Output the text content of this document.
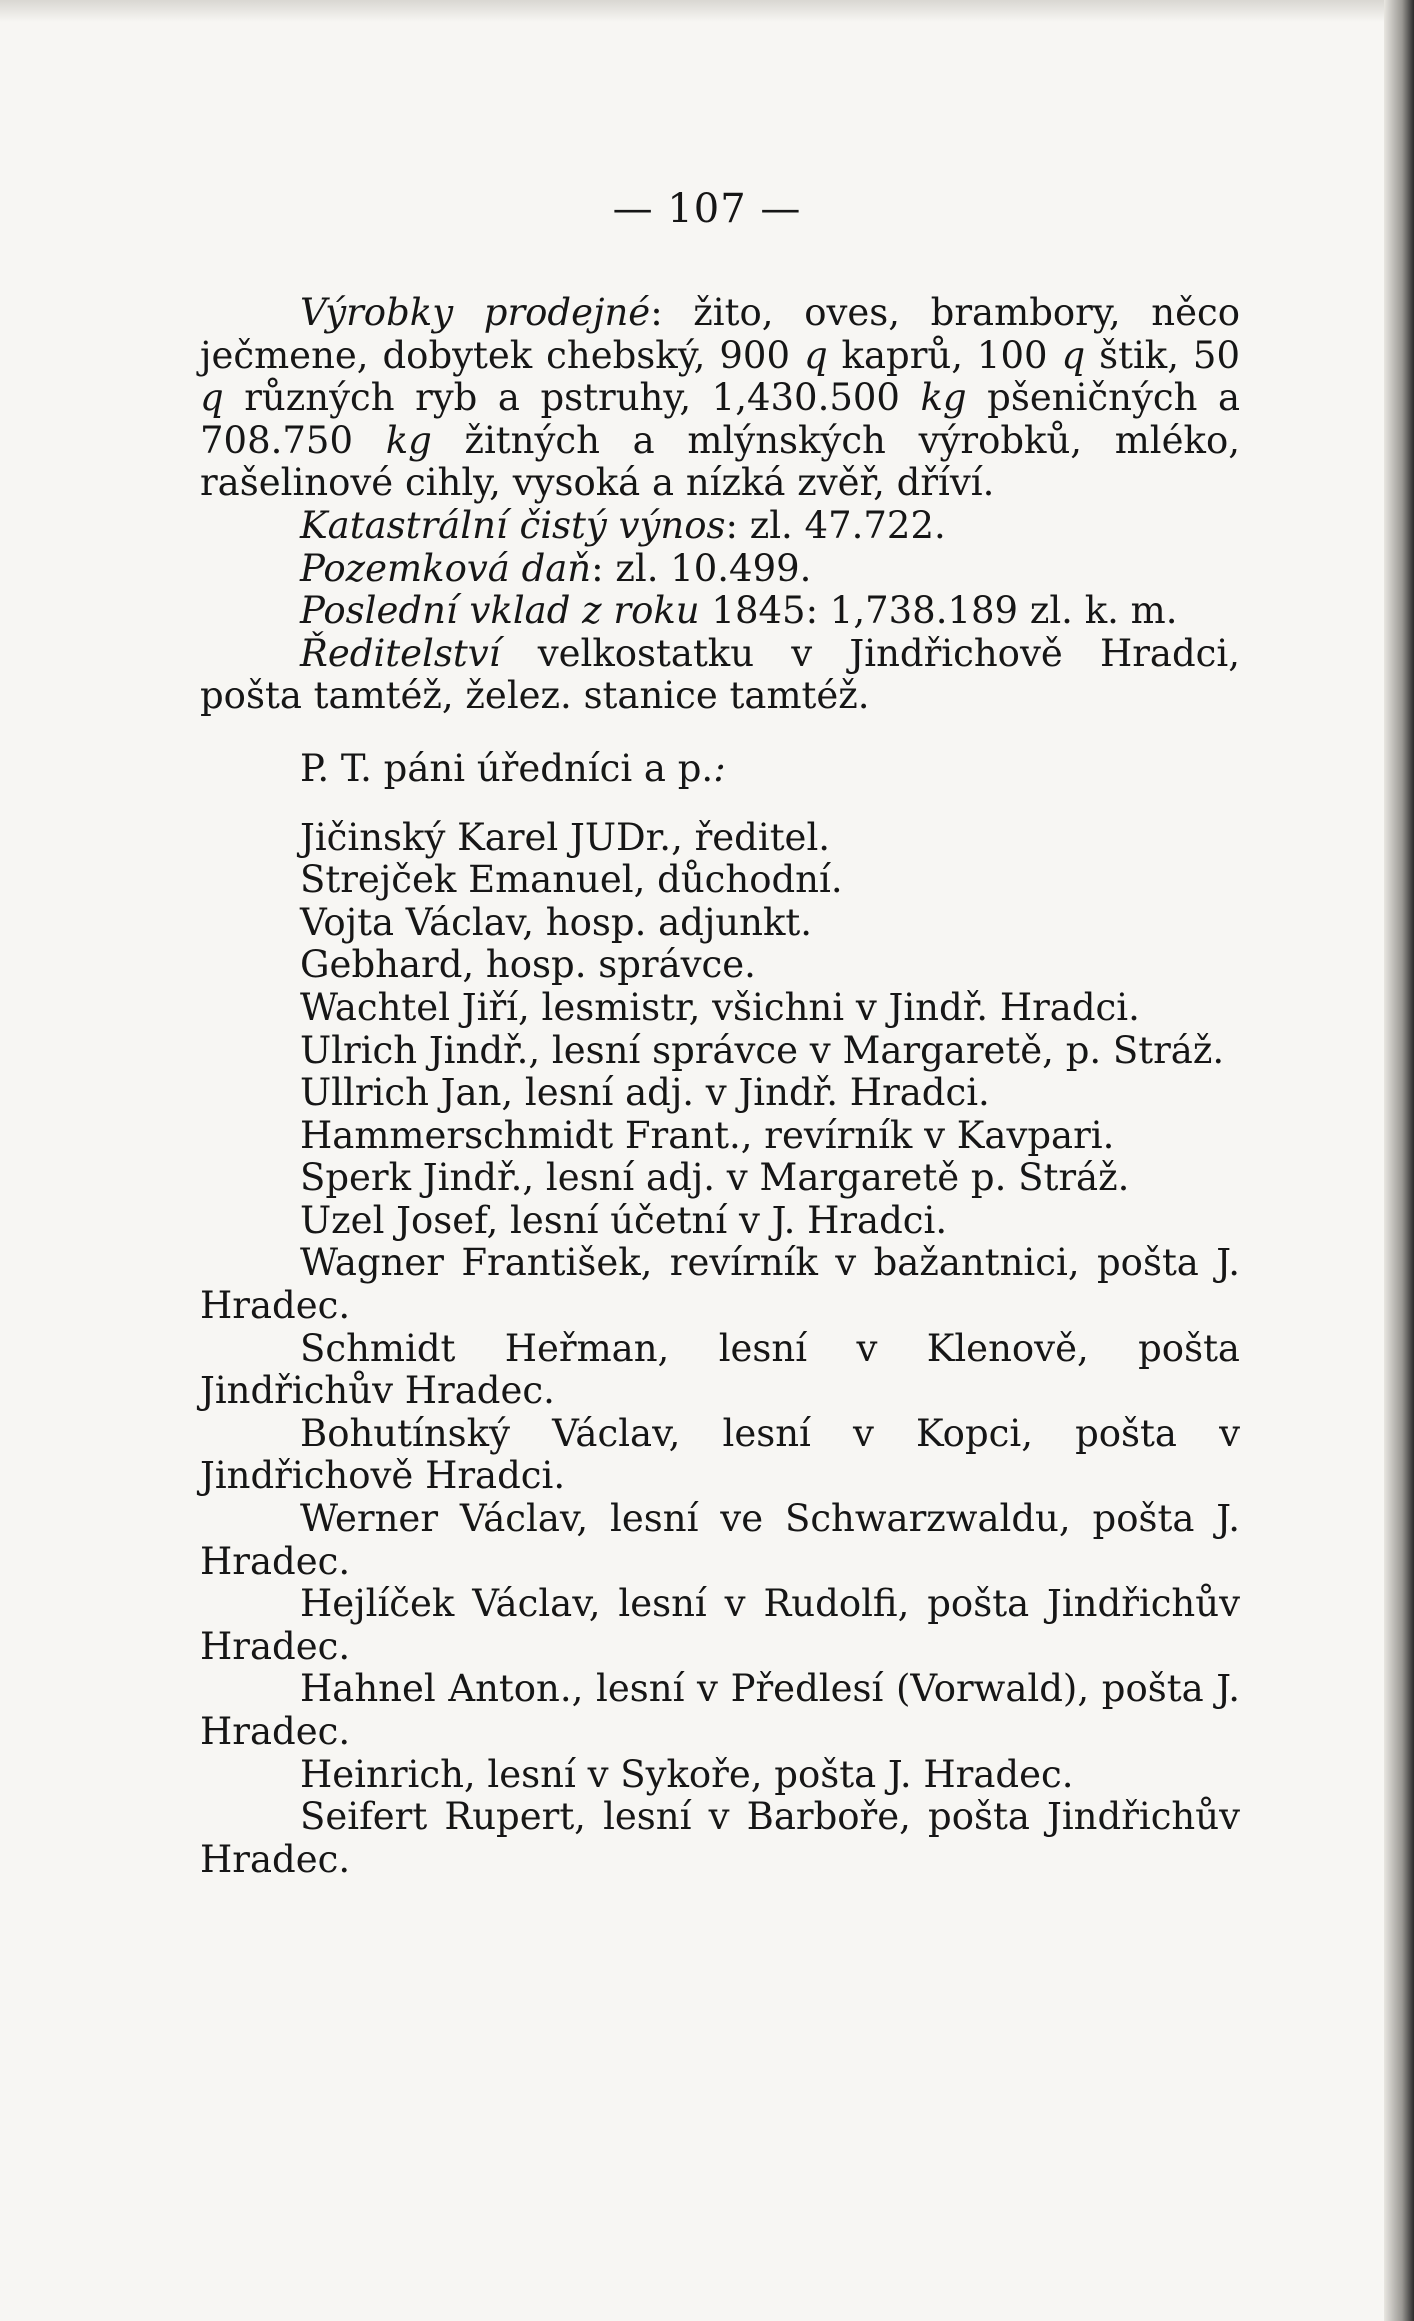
— 107 —

Výrobky prodejné: žito, oves, brambory, něco ječmene, dobytek chebský, 900 q kaprů, 100 q štik, 50 q různých ryb a pstruhy, 1,430.500 kg pšeničných a 708.750 kg žitných a mlýnských výrobků, mléko, rašelinové cihly, vysoká a nízká zvěř, dříví.

Katastrální čistý výnos: zl. 47.722.

Pozemková daň: zl. 10.499.

Poslední vklad z roku 1845: 1,738.189 zl. k. m.

Ředitelství velkostatku v Jindřichově Hradci, pošta tamtéž, želez. stanice tamtéž.

P. T. páni úředníci a p.:

Jičinský Karel JUDr., ředitel.

Strejček Emanuel, důchodní.

Vojta Václav, hosp. adjunkt.

Gebhard, hosp. správce.

Wachtel Jiří, lesmistr, všichni v Jindř. Hradci.

Ulrich Jindř., lesní správce v Margaretě, p. Stráž.

Ullrich Jan, lesní adj. v Jindř. Hradci.

Hammerschmidt Frant., revírník v Kavpari.

Sperk Jindř., lesní adj. v Margaretě p. Stráž.

Uzel Josef, lesní účetní v J. Hradci.

Wagner František, revírník v bažantnici, pošta J. Hradec.

Schmidt Heřman, lesní v Klenově, pošta Jindřichův Hradec.

Bohutínský Václav, lesní v Kopci, pošta v Jindřichově Hradci.

Werner Václav, lesní ve Schwarzwaldu, pošta J. Hradec.

Hejlíček Václav, lesní v Rudolfi, pošta Jindřichův Hradec.

Hahnel Anton., lesní v Předlesí (Vorwald), pošta J. Hradec.

Heinrich, lesní v Sykoře, pošta J. Hradec.

Seifert Rupert, lesní v Barboře, pošta Jindřichův Hradec.
